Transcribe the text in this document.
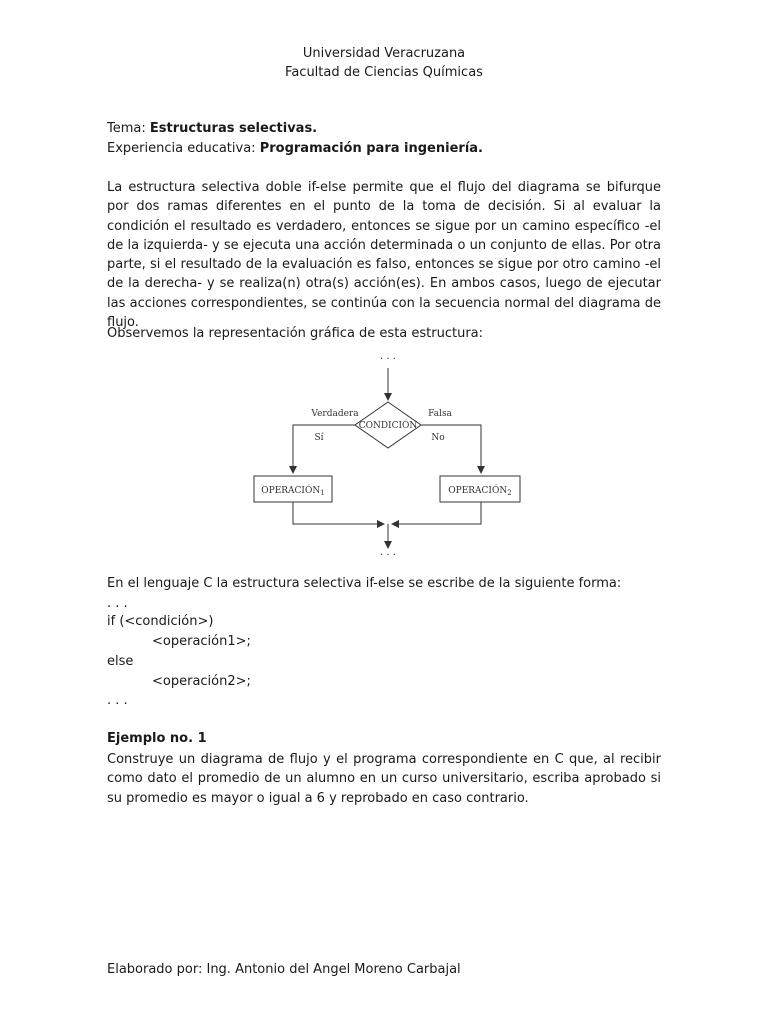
Universidad Veracruzana
Facultad de Ciencias Químicas
Tema: Estructuras selectivas.
Experiencia educativa: Programación para ingeniería.
La estructura selectiva doble if-else permite que el flujo del diagrama se bifurque por dos ramas diferentes en el punto de la toma de decisión. Si al evaluar la condición el resultado es verdadero, entonces se sigue por un camino específico -el de la izquierda- y se ejecuta una acción determinada o un conjunto de ellas. Por otra parte, si el resultado de la evaluación es falso, entonces se sigue por otro camino -el de la derecha- y se realiza(n) otra(s) acción(es). En ambos casos, luego de ejecutar las acciones correspondientes, se continúa con la secuencia normal del diagrama de flujo.
Observemos la representación gráfica de esta estructura:
· · ·
CONDICIÓN
Verdadera
Sí
Falsa
No
$OPERACIÓN_1$	$OPERACIÓN_2$
· · ·
En el lenguaje C la estructura selectiva if-else se escribe de la siguiente forma:
. . .
if (<condición>)
<operación1>;
else
<operación2>;
. . .
Ejemplo no. 1
Construye un diagrama de flujo y el programa correspondiente en C que, al recibir como dato el promedio de un alumno en un curso universitario, escriba aprobado si su promedio es mayor o igual a 6 y reprobado en caso contrario.
Elaborado por: Ing. Antonio del Angel Moreno Carbajal
